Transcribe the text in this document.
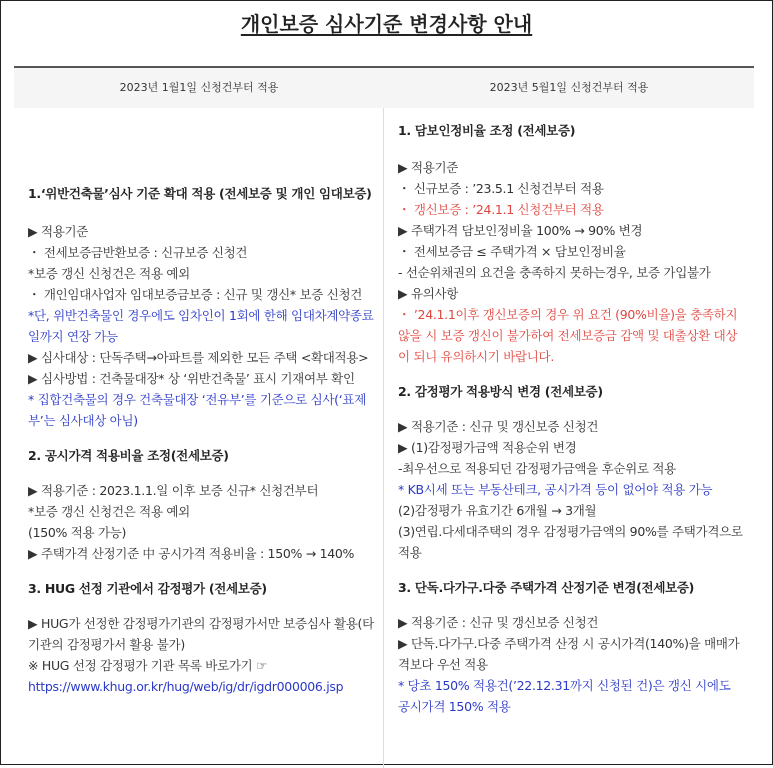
개인보증 심사기준 변경사항 안내
2023년 1월1일 신청건부터 적용	2023년 5월1일 신청건부터 적용

1.‘위반건축물’심사 기준 확대 적용 (전세보증 및 개인 임대보증)

▶ 적용기준

・ 전세보증금반환보증 : 신규보증 신청건

*보증 갱신 신청건은 적용 예외

・ 개인임대사업자 임대보증금보증 : 신규 및 갱신* 보증 신청건

*단, 위반건축물인 경우에도 임차인이 1회에 한해 임대차계약종료일까지 연장 가능

▶ 심사대상 : 단독주택→아파트를 제외한 모든 주택 <확대적용>

▶ 심사방법 : 건축물대장* 상 ‘위반건축물’ 표시 기재여부 확인

* 집합건축물의 경우 건축물대장 ‘전유부’를 기준으로 심사(‘표제부’는 심사대상 아님)

2. 공시가격 적용비율 조정(전세보증)

▶ 적용기준 : 2023.1.1.일 이후 보증 신규* 신청건부터

*보증 갱신 신청건은 적용 예외

(150% 적용 가능)

▶ 주택가격 산정기준 中 공시가격 적용비율 : 150% → 140%

3. HUG 선정 기관에서 감정평가 (전세보증)

▶ HUG가 선정한 감정평가기관의 감정평가서만 보증심사 활용(타 기관의 감정평가서 활용 불가)

※ HUG 선정 감정평가 기관 목록 바로가기 ☞

https://www.khug.or.kr/hug/web/ig/dr/igdr000006.jsp

1. 담보인정비율 조정 (전세보증)

▶ 적용기준

・ 신규보증 : ’23.5.1 신청건부터 적용

・ 갱신보증 : ’24.1.1 신청건부터 적용

▶ 주택가격 담보인정비율 100% → 90% 변경

・ 전세보증금 ≤ 주택가격 × 담보인정비율

- 선순위채권의 요건을 충족하지 못하는경우, 보증 가입불가

▶ 유의사항

・ ’24.1.1이후 갱신보증의 경우 위 요건 (90%비율)을 충족하지 않을 시 보증 갱신이 불가하여 전세보증금 감액 및 대출상환 대상이 되니 유의하시기 바랍니다.

2. 감정평가 적용방식 변경 (전세보증)

▶ 적용기준 : 신규 및 갱신보증 신청건

▶ (1)감정평가금액 적용순위 변경

-최우선으로 적용되던 감정평가금액을 후순위로 적용

* KB시세 또는 부동산테크, 공시가격 등이 없어야 적용 가능

(2)감정평가 유효기간 6개월 → 3개월

(3)연립.다세대주택의 경우 감정평가금액의 90%를 주택가격으로 적용

3. 단독.다가구.다중 주택가격 산정기준 변경(전세보증)

▶ 적용기준 : 신규 및 갱신보증 신청건

▶ 단독.다가구.다중 주택가격 산정 시 공시가격(140%)을 매매가격보다 우선 적용

* 당초 150% 적용건(’22.12.31까지 신청된 건)은 갱신 시에도 공시가격 150% 적용
